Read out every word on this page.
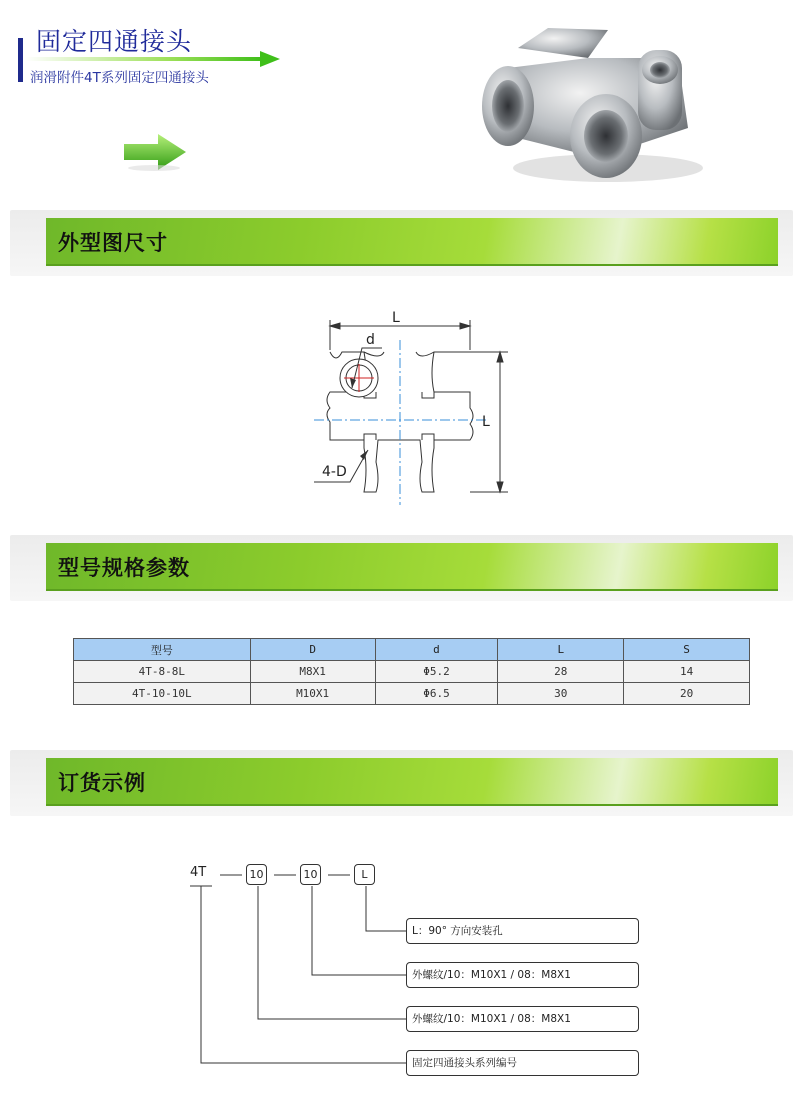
固定四通接头
润滑附件4T系列固定四通接头
外型图尺寸
L
d
L
4-D
型号规格参数
型号	D	d	L	S
4T-8-8L	M8X1	Φ5.2	28	14
4T-10-10L	M10X1	Φ6.5	30	20
订货示例
4T	10	10	L
L：90° 方向安装孔
外螺纹/10：M10X1 / 08：M8X1
外螺纹/10：M10X1 / 08：M8X1
固定四通接头系列编号
